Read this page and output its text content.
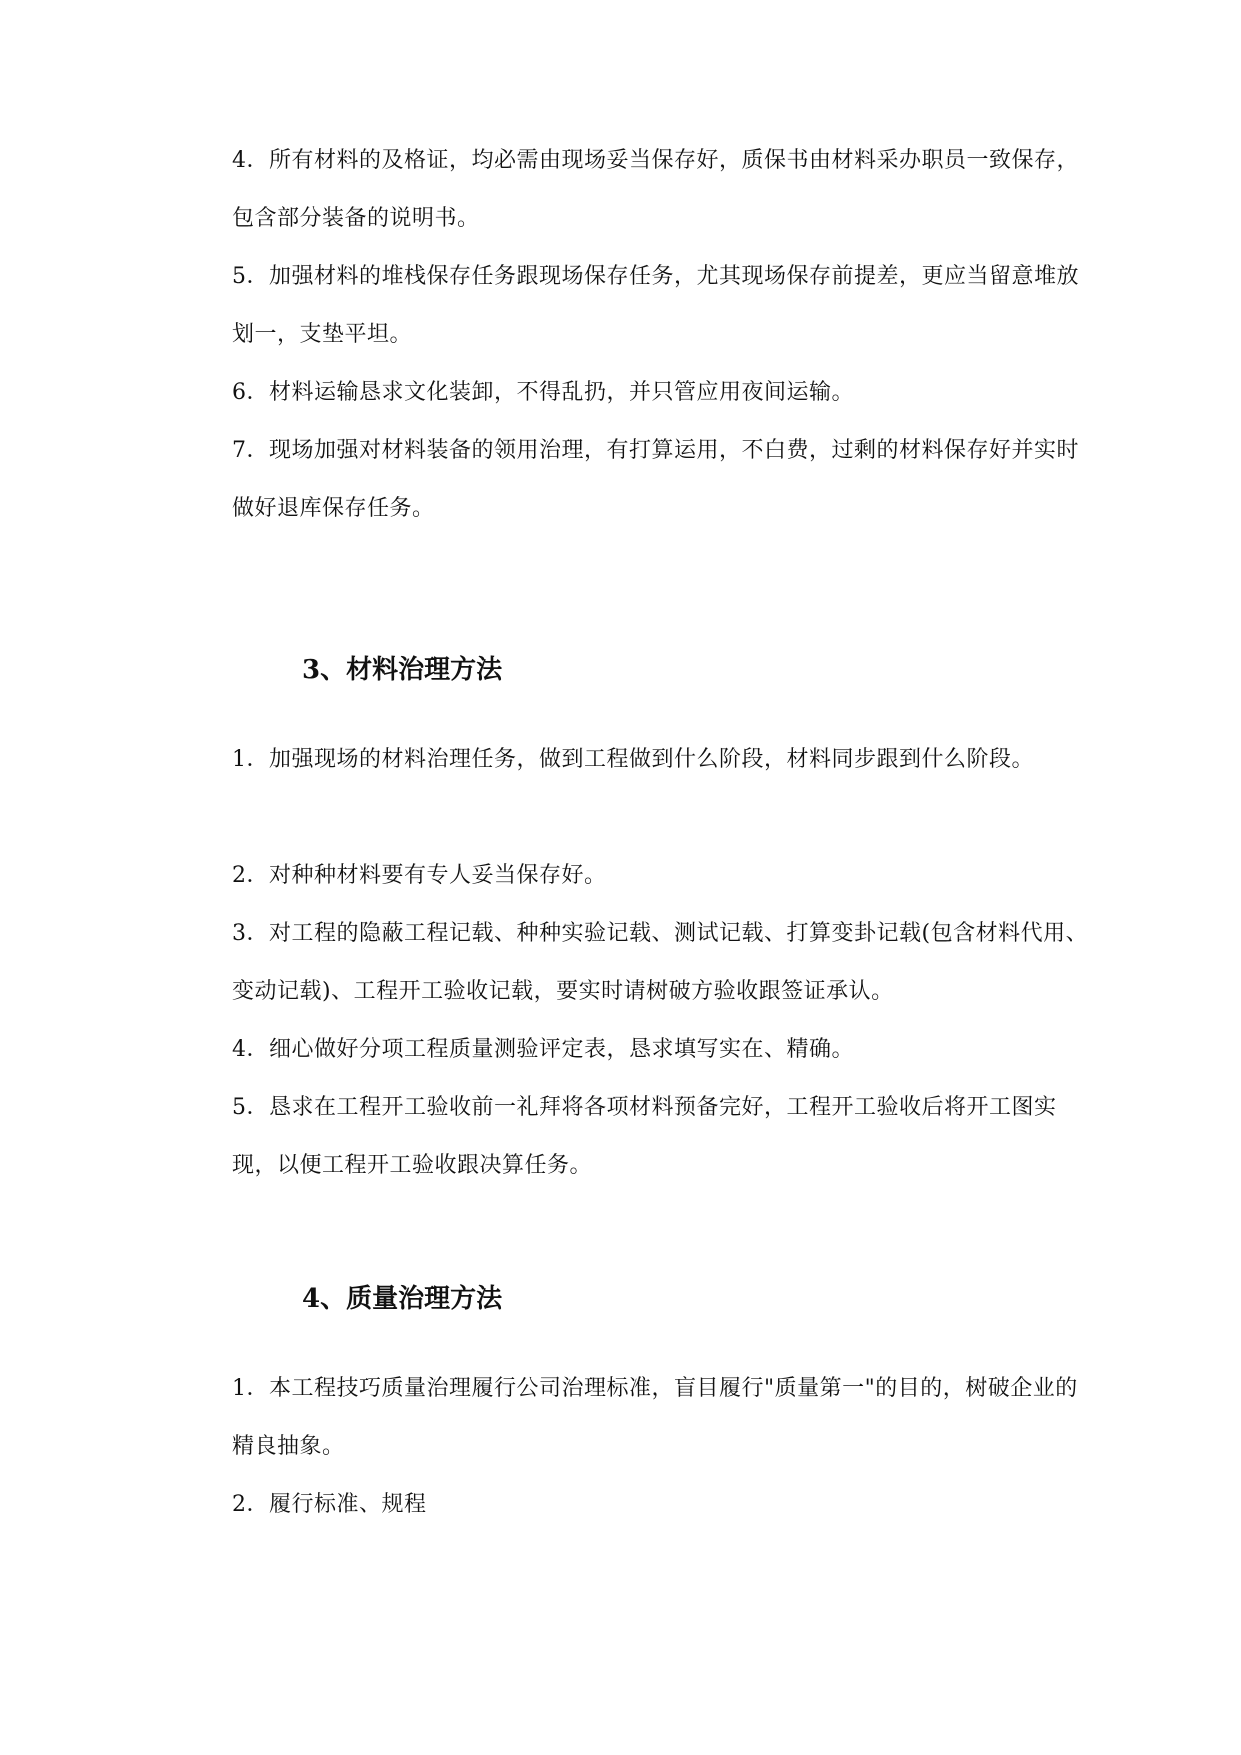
4．所有材料的及格证，均必需由现场妥当保存好，质保书由材料采办职员一致保存，包含部分装备的说明书。

5．加强材料的堆栈保存任务跟现场保存任务，尤其现场保存前提差，更应当留意堆放划一，支垫平坦。

6．材料运输恳求文化装卸，不得乱扔，并只管应用夜间运输。

7．现场加强对材料装备的领用治理，有打算运用，不白费，过剩的材料保存好并实时做好退库保存任务。

3、材料治理方法

1．加强现场的材料治理任务，做到工程做到什么阶段，材料同步跟到什么阶段。

2．对种种材料要有专人妥当保存好。

3．对工程的隐蔽工程记载、种种实验记载、测试记载、打算变卦记载(包含材料代用、变动记载)、工程开工验收记载，要实时请树破方验收跟签证承认。

4．细心做好分项工程质量测验评定表，恳求填写实在、精确。

5．恳求在工程开工验收前一礼拜将各项材料预备完好，工程开工验收后将开工图实现，以便工程开工验收跟决算任务。

4、质量治理方法

1．本工程技巧质量治理履行公司治理标准，盲目履行"质量第一"的目的，树破企业的精良抽象。

2．履行标准、规程
